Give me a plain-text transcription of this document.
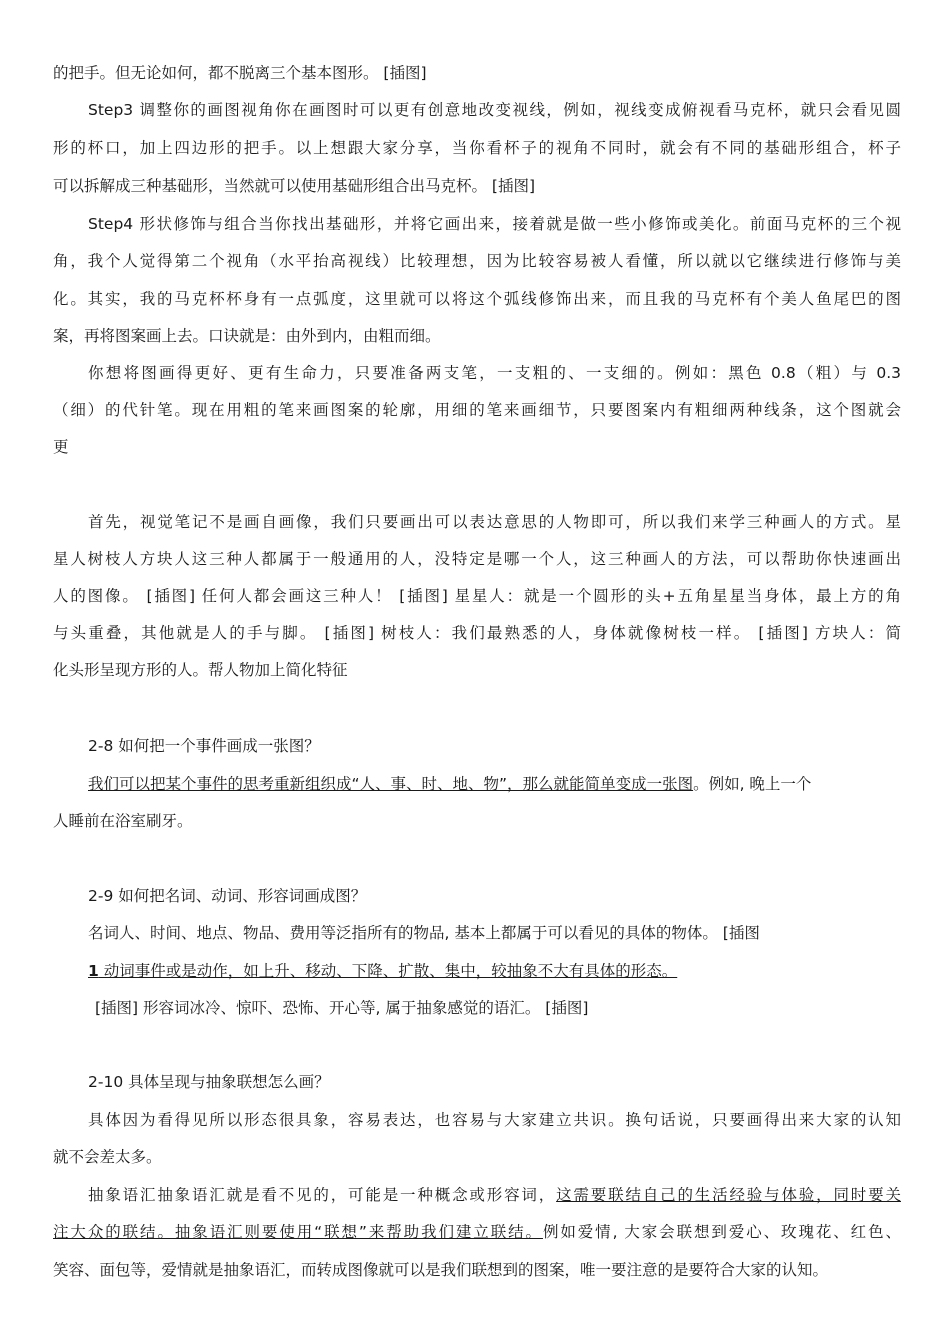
的把手。但无论如何，都不脱离三个基本图形。 [插图]
Step3 调整你的画图视角你在画图时可以更有创意地改变视线，例如，视线变成俯视看马克杯，就只会看见圆
形的杯口，加上四边形的把手。以上想跟大家分享，当你看杯子的视角不同时，就会有不同的基础形组合，杯子
可以拆解成三种基础形，当然就可以使用基础形组合出马克杯。 [插图]
Step4 形状修饰与组合当你找出基础形，并将它画出来，接着就是做一些小修饰或美化。前面马克杯的三个视
角，我个人觉得第二个视角（水平抬高视线）比较理想，因为比较容易被人看懂，所以就以它继续进行修饰与美
化。其实，我的马克杯杯身有一点弧度，这里就可以将这个弧线修饰出来，而且我的马克杯有个美人鱼尾巴的图
案，再将图案画上去。口诀就是：由外到内，由粗而细。
你想将图画得更好、更有生命力，只要准备两支笔，一支粗的、一支细的。例如：黑色 0.8（粗）与 0.3
（细）的代针笔。现在用粗的笔来画图案的轮廓，用细的笔来画细节，只要图案内有粗细两种线条，这个图就会
更
首先，视觉笔记不是画自画像，我们只要画出可以表达意思的人物即可，所以我们来学三种画人的方式。星
星人树枝人方块人这三种人都属于一般通用的人，没特定是哪一个人，这三种画人的方法，可以帮助你快速画出
人的图像。 [插图] 任何人都会画这三种人！ [插图] 星星人：就是一个圆形的头+五角星星当身体，最上方的角
与头重叠，其他就是人的手与脚。 [插图] 树枝人：我们最熟悉的人，身体就像树枝一样。 [插图] 方块人：简
化头形呈现方形的人。帮人物加上简化特征
2-8 如何把一个事件画成一张图？
我们可以把某个事件的思考重新组织成“人、事、时、地、物”，那么就能简单变成一张图。例如, 晚上一个
人睡前在浴室刷牙。
2-9 如何把名词、动词、形容词画成图？
名词人、时间、地点、物品、费用等泛指所有的物品, 基本上都属于可以看见的具体的物体。 [插图
1 动词事件或是动作，如上升、移动、下降、扩散、集中，较抽象不大有具体的形态。
[插图] 形容词冰冷、惊吓、恐怖、开心等, 属于抽象感觉的语汇。 [插图]
2-10 具体呈现与抽象联想怎么画？
具体因为看得见所以形态很具象，容易表达，也容易与大家建立共识。换句话说，只要画得出来大家的认知
就不会差太多。
抽象语汇抽象语汇就是看不见的，可能是一种概念或形容词，这需要联结自己的生活经验与体验，同时要关
注大众的联结。抽象语汇则要使用“联想”来帮助我们建立联结。例如爱情, 大家会联想到爱心、玫瑰花、红色、
笑容、面包等，爱情就是抽象语汇，而转成图像就可以是我们联想到的图案，唯一要注意的是要符合大家的认知。
